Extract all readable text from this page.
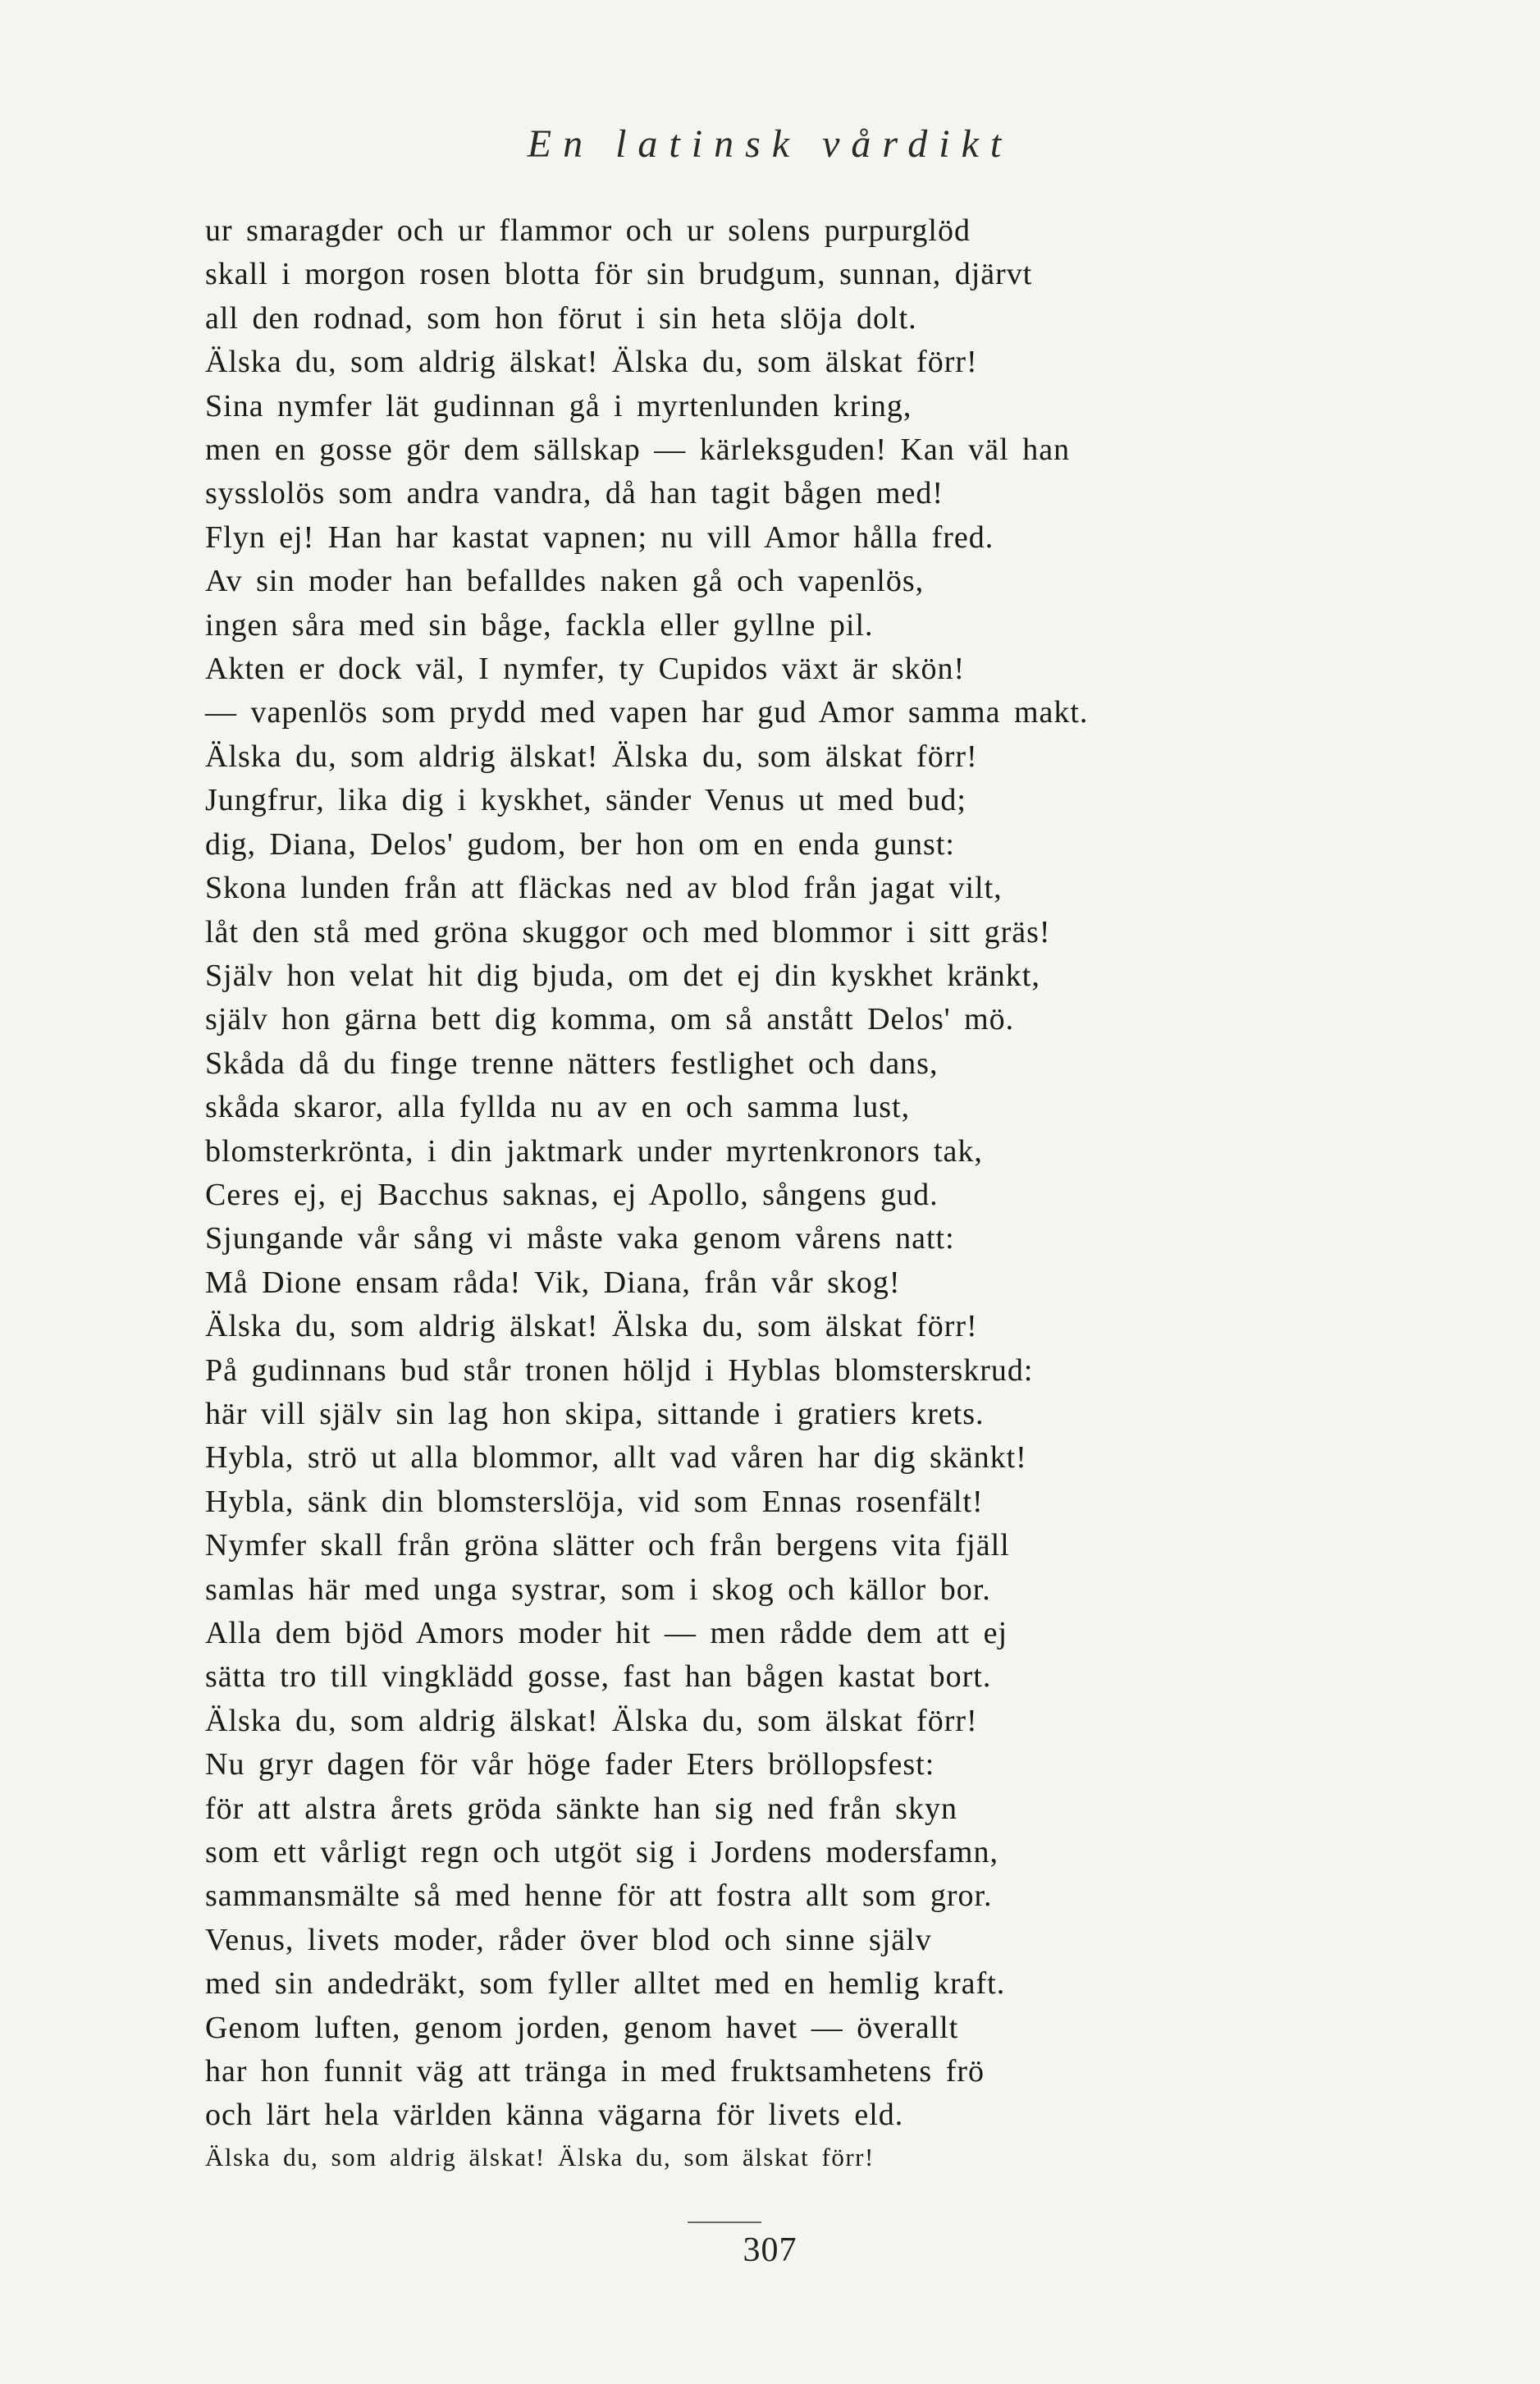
En latinsk vårdikt
ur smaragder och ur flammor och ur solens purpurglöd
skall i morgon rosen blotta för sin brudgum, sunnan, djärvt
all den rodnad, som hon förut i sin heta slöja dolt.
Älska du, som aldrig älskat! Älska du, som älskat förr!
Sina nymfer lät gudinnan gå i myrtenlunden kring,
men en gosse gör dem sällskap — kärleksguden! Kan väl han
sysslolös som andra vandra, då han tagit bågen med!
Flyn ej! Han har kastat vapnen; nu vill Amor hålla fred.
Av sin moder han befalldes naken gå och vapenlös,
ingen såra med sin båge, fackla eller gyllne pil.
Akten er dock väl, I nymfer, ty Cupidos växt är skön!
— vapenlös som prydd med vapen har gud Amor samma makt.
Älska du, som aldrig älskat! Älska du, som älskat förr!
Jungfrur, lika dig i kyskhet, sänder Venus ut med bud;
dig, Diana, Delos' gudom, ber hon om en enda gunst:
Skona lunden från att fläckas ned av blod från jagat vilt,
låt den stå med gröna skuggor och med blommor i sitt gräs!
Själv hon velat hit dig bjuda, om det ej din kyskhet kränkt,
själv hon gärna bett dig komma, om så anstått Delos' mö.
Skåda då du finge trenne nätters festlighet och dans,
skåda skaror, alla fyllda nu av en och samma lust,
blomsterkrönta, i din jaktmark under myrtenkronors tak,
Ceres ej, ej Bacchus saknas, ej Apollo, sångens gud.
Sjungande vår sång vi måste vaka genom vårens natt:
Må Dione ensam råda! Vik, Diana, från vår skog!
Älska du, som aldrig älskat! Älska du, som älskat förr!
På gudinnans bud står tronen höljd i Hyblas blomsterskrud:
här vill själv sin lag hon skipa, sittande i gratiers krets.
Hybla, strö ut alla blommor, allt vad våren har dig skänkt!
Hybla, sänk din blomsterslöja, vid som Ennas rosenfält!
Nymfer skall från gröna slätter och från bergens vita fjäll
samlas här med unga systrar, som i skog och källor bor.
Alla dem bjöd Amors moder hit — men rådde dem att ej
sätta tro till vingklädd gosse, fast han bågen kastat bort.
Älska du, som aldrig älskat! Älska du, som älskat förr!
Nu gryr dagen för vår höge fader Eters bröllopsfest:
för att alstra årets gröda sänkte han sig ned från skyn
som ett vårligt regn och utgöt sig i Jordens modersfamn,
sammansmälte så med henne för att fostra allt som gror.
Venus, livets moder, råder över blod och sinne själv
med sin andedräkt, som fyller alltet med en hemlig kraft.
Genom luften, genom jorden, genom havet — överallt
har hon funnit väg att tränga in med fruktsamhetens frö
och lärt hela världen känna vägarna för livets eld.
Älska du, som aldrig älskat! Älska du, som älskat förr!
307
